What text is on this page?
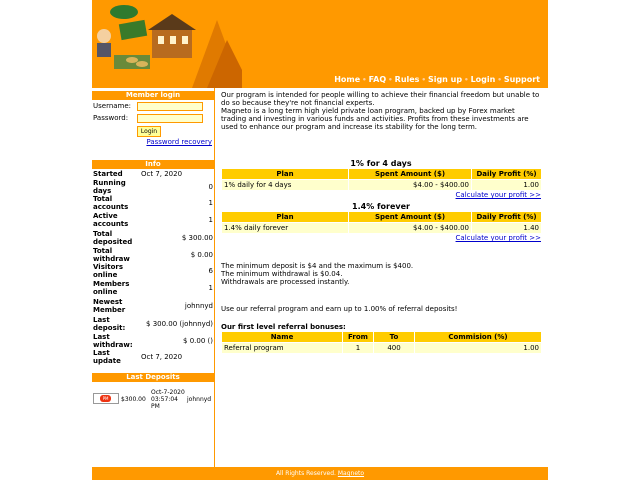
Home • FAQ • Rules • Sign up • Login • Support
Member login
Username:
Password:
Login
Password recovery
Info
Started	Oct 7, 2020
Running days	0
Total accounts	1
Active accounts	1
Total deposited	$ 300.00
Total withdraw	$ 0.00
Visitors online	6
Members online	1
Newest Member	johnnyd
Last deposit:	$ 300.00 (johnnyd)
Last withdraw:	$ 0.00 ()
Last update	Oct 7, 2020
Last Deposits
PM	$300.00	Oct-7-2020 03:57:04 PM	johnnyd
Our program is intended for people willing to achieve their financial freedom but unable to do so because they're not financial experts.
Magneto is a long term high yield private loan program, backed up by Forex market trading and investing in various funds and activities. Profits from these investments are used to enhance our program and increase its stability for the long term.
1% for 4 days
Plan	Spent Amount ($)	Daily Profit (%)
1% daily for 4 days	$4.00 - $400.00	1.00
Calculate your profit >>
1.4% forever
Plan	Spent Amount ($)	Daily Profit (%)
1.4% daily forever	$4.00 - $400.00	1.40
Calculate your profit >>
The minimum deposit is $4 and the maximum is $400.
The minimum withdrawal is $0.04.
Withdrawals are processed instantly.
Use our referral program and earn up to 1.00% of referral deposits!
Our first level referral bonuses:
Name	From	To	Commision (%)
Referral program	1	400	1.00
All Rights Reserved. Magneto
